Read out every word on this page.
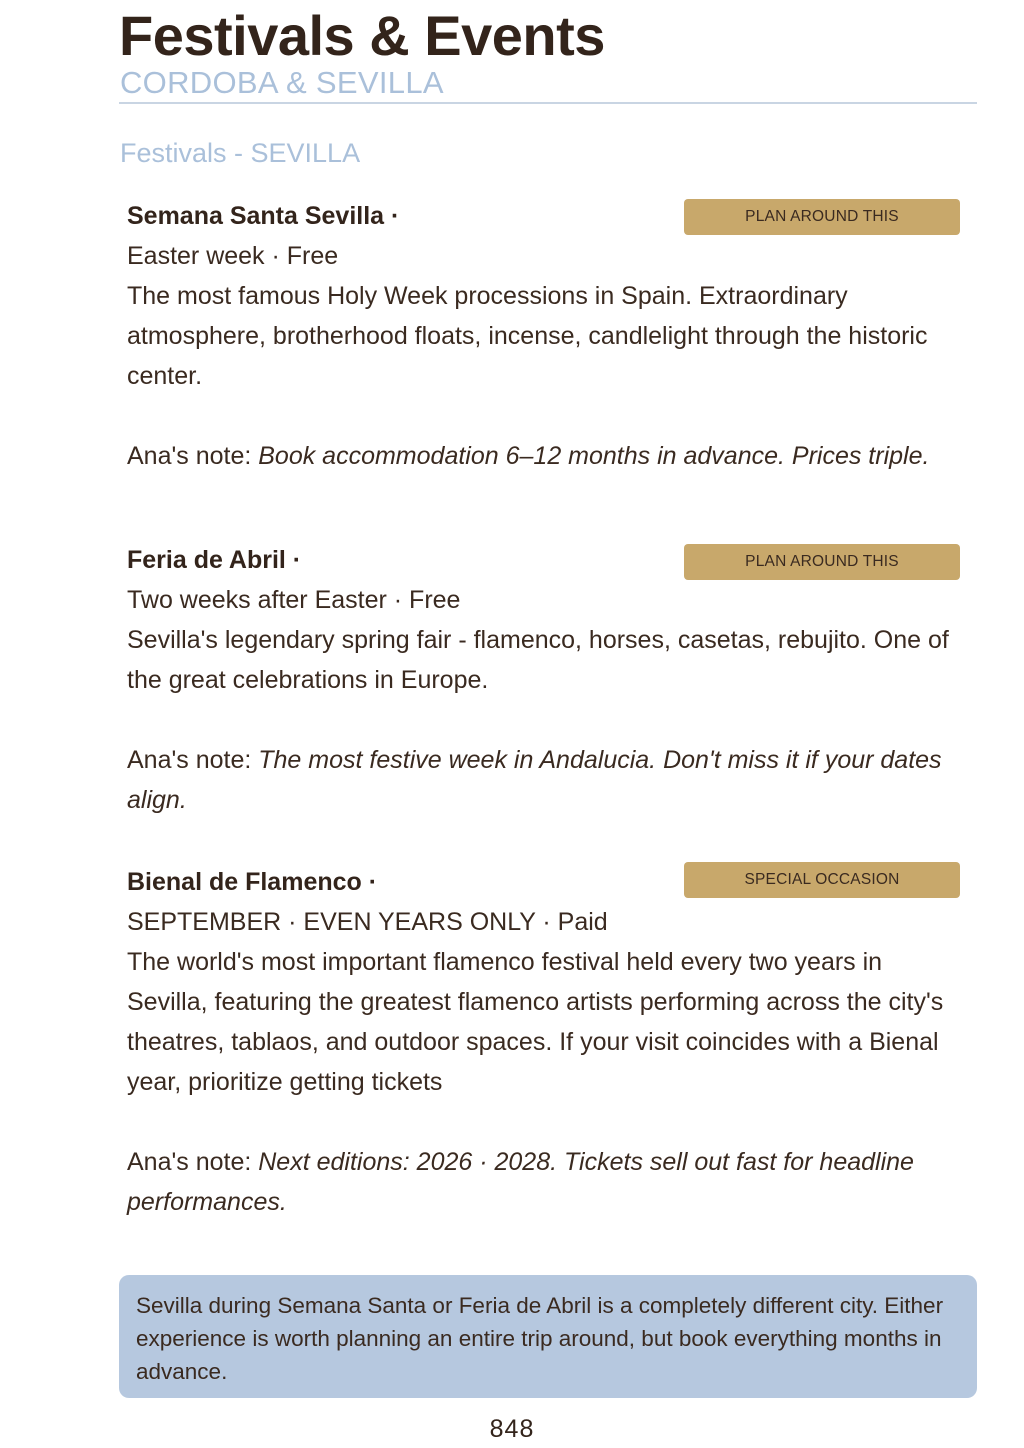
Festivals & Events
CORDOBA & SEVILLA
Festivals - SEVILLA
Semana Santa Sevilla ·
Easter week · Free
The most famous Holy Week processions in Spain. Extraordinary atmosphere, brotherhood floats, incense, candlelight through the historic center.
Ana's note: Book accommodation 6–12 months in advance. Prices triple.
PLAN AROUND THIS
Feria de Abril ·
Two weeks after Easter · Free
Sevilla's legendary spring fair - flamenco, horses, casetas, rebujito. One of the great celebrations in Europe.
Ana's note: The most festive week in Andalucia. Don't miss it if your dates align.
PLAN AROUND THIS
Bienal de Flamenco ·
SEPTEMBER · EVEN YEARS ONLY · Paid
The world's most important flamenco festival held every two years in Sevilla, featuring the greatest flamenco artists performing across the city's theatres, tablaos, and outdoor spaces. If your visit coincides with a Bienal year, prioritize getting tickets
Ana's note: Next editions: 2026 · 2028. Tickets sell out fast for headline performances.
SPECIAL OCCASION
Sevilla during Semana Santa or Feria de Abril is a completely different city. Either experience is worth planning an entire trip around, but book everything months in advance.
848
